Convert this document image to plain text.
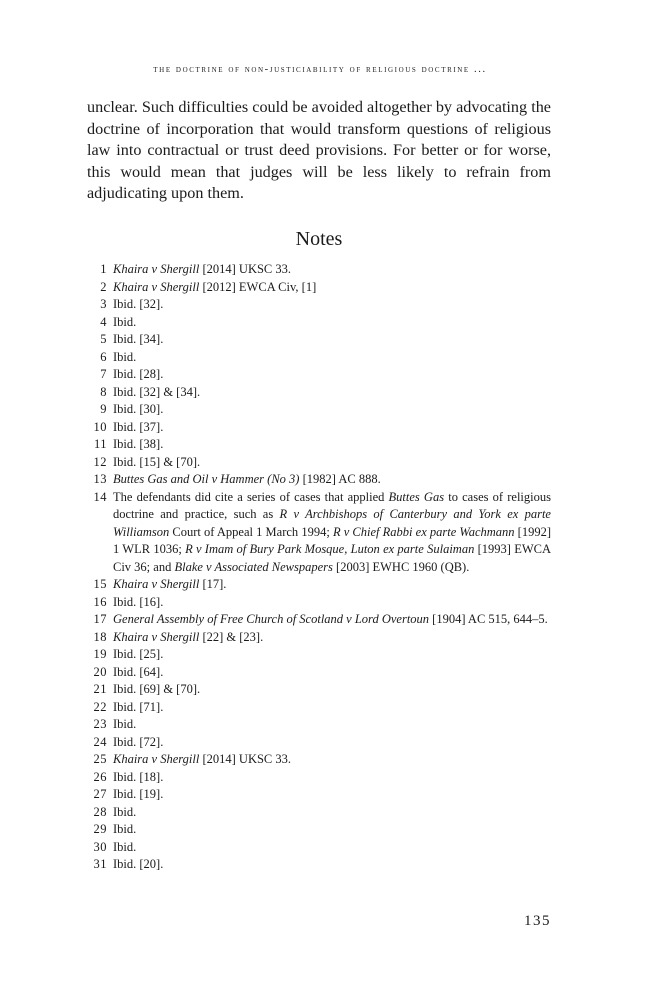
the doctrine of non-justiciability of religious doctrine ...

unclear. Such difficulties could be avoided altogether by advocating the doctrine of incorporation that would transform questions of religious law into contractual or trust deed provisions. For better or for worse, this would mean that judges will be less likely to refrain from adjudicating upon them.

Notes
1 Khaira v Shergill [2014] UKSC 33.
2 Khaira v Shergill [2012] EWCA Civ, [1]
3 Ibid. [32].
4 Ibid.
5 Ibid. [34].
6 Ibid.
7 Ibid. [28].
8 Ibid. [32] & [34].
9 Ibid. [30].
10 Ibid. [37].
11 Ibid. [38].
12 Ibid. [15] & [70].
13 Buttes Gas and Oil v Hammer (No 3) [1982] AC 888.
14 The defendants did cite a series of cases that applied Buttes Gas to cases of religious doctrine and practice, such as R v Archbishops of Canterbury and York ex parte Williamson Court of Appeal 1 March 1994; R v Chief Rabbi ex parte Wachmann [1992] 1 WLR 1036; R v Imam of Bury Park Mosque, Luton ex parte Sulaiman [1993] EWCA Civ 36; and Blake v Associated Newspapers [2003] EWHC 1960 (QB).
15 Khaira v Shergill [17].
16 Ibid. [16].
17 General Assembly of Free Church of Scotland v Lord Overtoun [1904] AC 515, 644–5.
18 Khaira v Shergill [22] & [23].
19 Ibid. [25].
20 Ibid. [64].
21 Ibid. [69] & [70].
22 Ibid. [71].
23 Ibid.
24 Ibid. [72].
25 Khaira v Shergill [2014] UKSC 33.
26 Ibid. [18].
27 Ibid. [19].
28 Ibid.
29 Ibid.
30 Ibid.
31 Ibid. [20].
135
